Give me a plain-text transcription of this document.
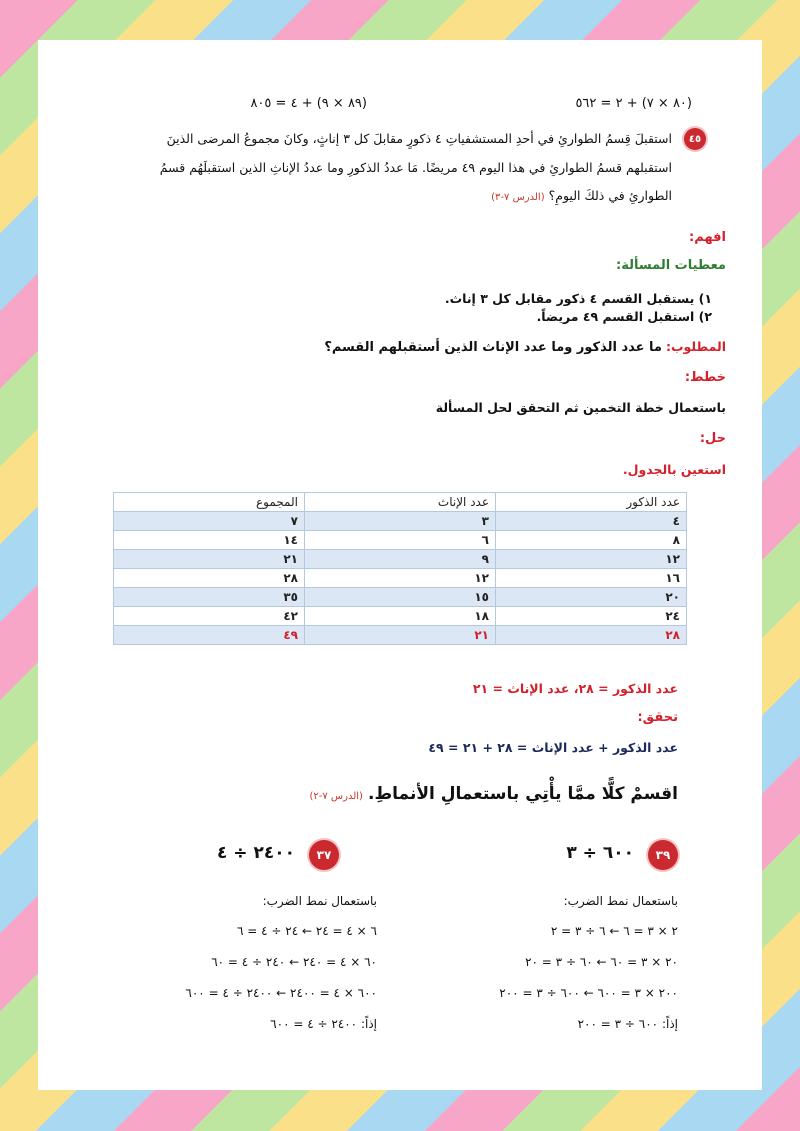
(٨٠ × ٧) + ٢ = ٥٦٢
(٨٩ × ٩) + ٤ = ٨٠٥
٤٥
استقبلَ قِسمُ الطوارئِ في أحدِ المستشفياتِ ٤ ذكورٍ مقابلَ كل ٣ إناثٍ، وكانَ مجموعُ المرضى الذينَ
استقبلهم قسمُ الطوارئِ في هذا اليوم ٤٩ مريضًا. مَا عددُ الذكورِ وما عددُ الإناثِ الذين استقبلَهُم قسمُ
الطوارئِ في ذلكَ اليومِ؟ (الدرس ٧-٣)
افهم:
معطيات المسألة:
١) يستقبل القسم ٤ ذكور مقابل كل ٣ إناث.
٢) استقبل القسم ٤٩ مريضاً.
المطلوب: ما عدد الذكور وما عدد الإناث الذين أستقبلهم القسم؟
خطط:
باستعمال خطة التخمين ثم التحقق لحل المسألة
حل:
استعين بالجدول.
عدد الذكور	عدد الإناث	المجموع
٤	٣	٧
٨	٦	١٤
١٢	٩	٢١
١٦	١٢	٢٨
٢٠	١٥	٣٥
٢٤	١٨	٤٢
٢٨	٢١	٤٩
عدد الذكور = ٢٨، عدد الإناث = ٢١
تحقق:
عدد الذكور + عدد الإناث = ٢٨ + ٢١ = ٤٩
اقسمْ كلًّا ممَّا يأْتِي باستعمالِ الأنماطِ. (الدرس ٧-٢)
٣٩
٦٠٠ ÷ ٣
باستعمال نمط الضرب:
٢ × ٣ = ٦ ← ٦ ÷ ٣ = ٢
٢٠ × ٣ = ٦٠ ← ٦٠ ÷ ٣ = ٢٠
٢٠٠ × ٣ = ٦٠٠ ← ٦٠٠ ÷ ٣ = ٢٠٠
إذاً: ٦٠٠ ÷ ٣ = ٢٠٠
٣٧
٢٤٠٠ ÷ ٤
باستعمال نمط الضرب:
٦ × ٤ = ٢٤ ← ٢٤ ÷ ٤ = ٦
٦٠ × ٤ = ٢٤٠ ← ٢٤٠ ÷ ٤ = ٦٠
٦٠٠ × ٤ = ٢٤٠٠ ← ٢٤٠٠ ÷ ٤ = ٦٠٠
إذاً: ٢٤٠٠ ÷ ٤ = ٦٠٠
